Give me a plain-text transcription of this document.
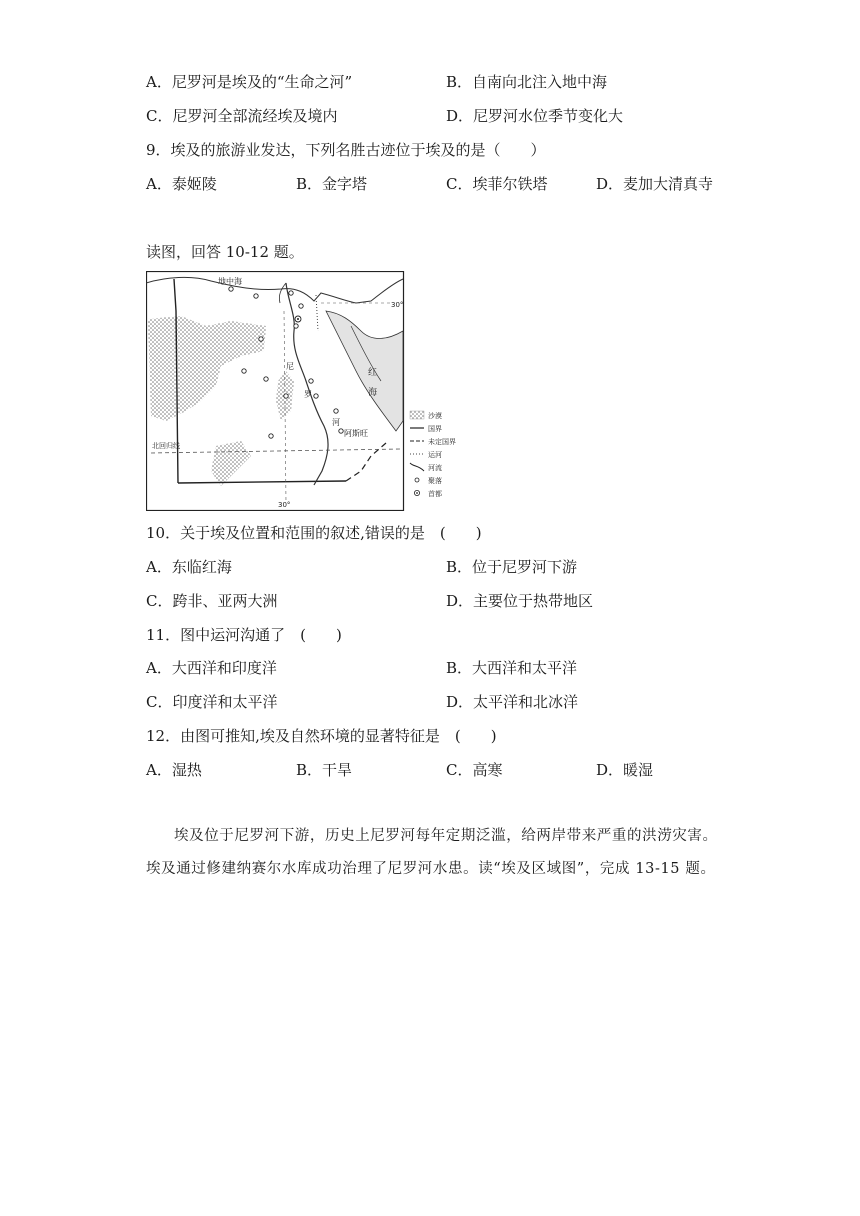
A．尼罗河是埃及的“生命之河”	B．自南向北注入地中海
C．尼罗河全部流经埃及境内	D．尼罗河水位季节变化大
9．埃及的旅游业发达，下列名胜古迹位于埃及的是（　　）
A．泰姬陵	B．金字塔	C．埃菲尔铁塔	D．麦加大清真寺
读图，回答 10-12 题。
地中海
红
海
尼
罗
河
阿斯旺
北回归线
30°
30°
沙漠
国界
未定国界
运河
河流
聚落
首都
10．关于埃及位置和范围的叙述,错误的是　(　　)
A．东临红海	B．位于尼罗河下游
C．跨非、亚两大洲	D．主要位于热带地区
11．图中运河沟通了　(　　)
A．大西洋和印度洋	B．大西洋和太平洋
C．印度洋和太平洋	D．太平洋和北冰洋
12．由图可推知,埃及自然环境的显著特征是　(　　)
A．湿热	B．干旱	C．高寒	D．暖湿
埃及位于尼罗河下游，历史上尼罗河每年定期泛滥，给两岸带来严重的洪涝灾害。
埃及通过修建纳赛尔水库成功治理了尼罗河水患。读“埃及区域图”，完成 13-15 题。
